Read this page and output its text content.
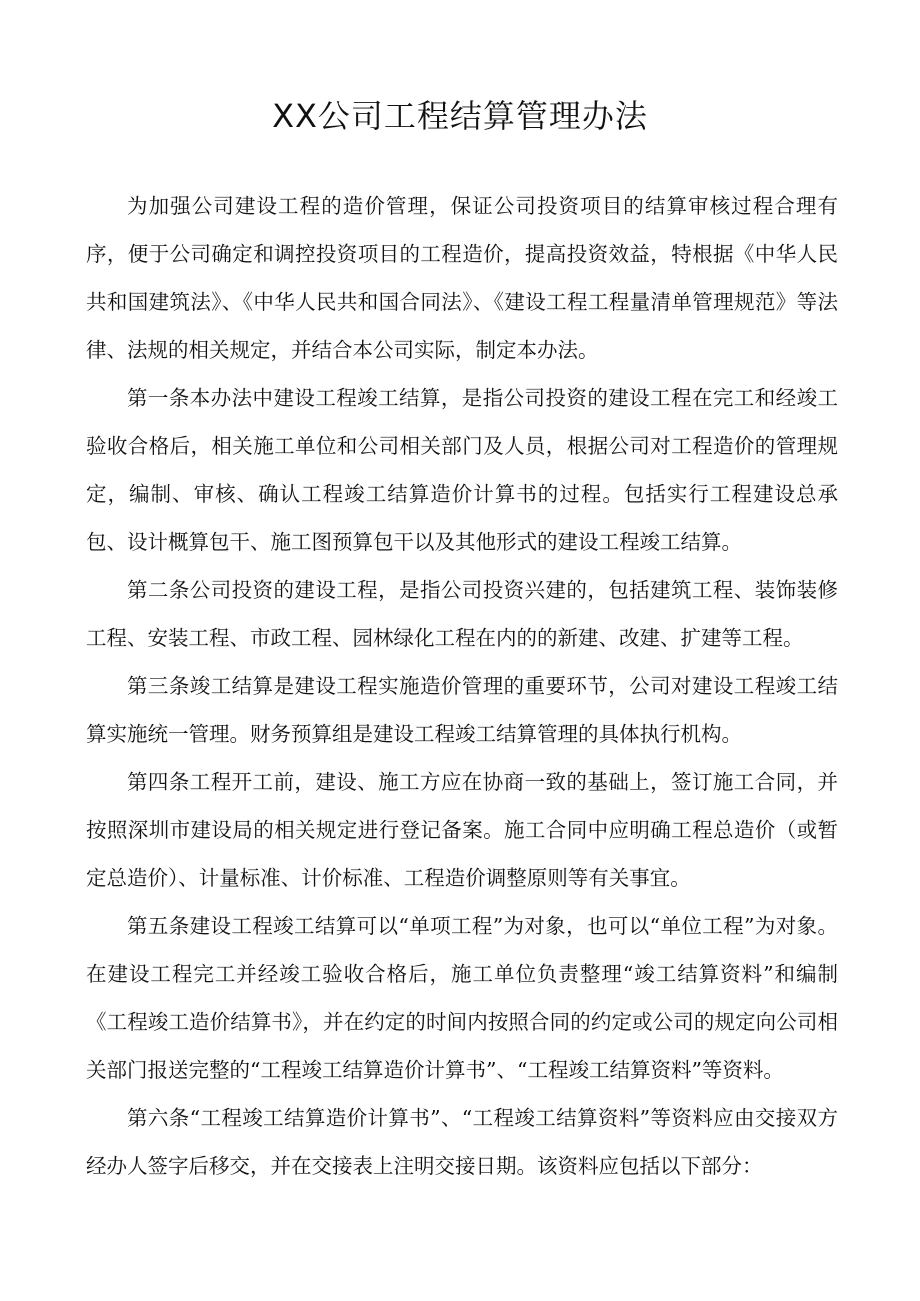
XX公司工程结算管理办法

为加强公司建设工程的造价管理，保证公司投资项目的结算审核过程合理有序，便于公司确定和调控投资项目的工程造价，提高投资效益，特根据《中华人民共和国建筑法》、《中华人民共和国合同法》、《建设工程工程量清单管理规范》等法律、法规的相关规定，并结合本公司实际，制定本办法。

第一条本办法中建设工程竣工结算，是指公司投资的建设工程在完工和经竣工验收合格后，相关施工单位和公司相关部门及人员，根据公司对工程造价的管理规定，编制、审核、确认工程竣工结算造价计算书的过程。包括实行工程建设总承包、设计概算包干、施工图预算包干以及其他形式的建设工程竣工结算。

第二条公司投资的建设工程，是指公司投资兴建的，包括建筑工程、装饰装修工程、安装工程、市政工程、园林绿化工程在内的的新建、改建、扩建等工程。

第三条竣工结算是建设工程实施造价管理的重要环节，公司对建设工程竣工结算实施统一管理。财务预算组是建设工程竣工结算管理的具体执行机构。

第四条工程开工前，建设、施工方应在协商一致的基础上，签订施工合同，并按照深圳市建设局的相关规定进行登记备案。施工合同中应明确工程总造价（或暂定总造价）、计量标准、计价标准、工程造价调整原则等有关事宜。

第五条建设工程竣工结算可以“单项工程”为对象，也可以“单位工程”为对象。在建设工程完工并经竣工验收合格后，施工单位负责整理“竣工结算资料”和编制《工程竣工造价结算书》，并在约定的时间内按照合同的约定或公司的规定向公司相关部门报送完整的“工程竣工结算造价计算书”、“工程竣工结算资料”等资料。

第六条“工程竣工结算造价计算书”、“工程竣工结算资料”等资料应由交接双方经办人签字后移交，并在交接表上注明交接日期。该资料应包括以下部分：
